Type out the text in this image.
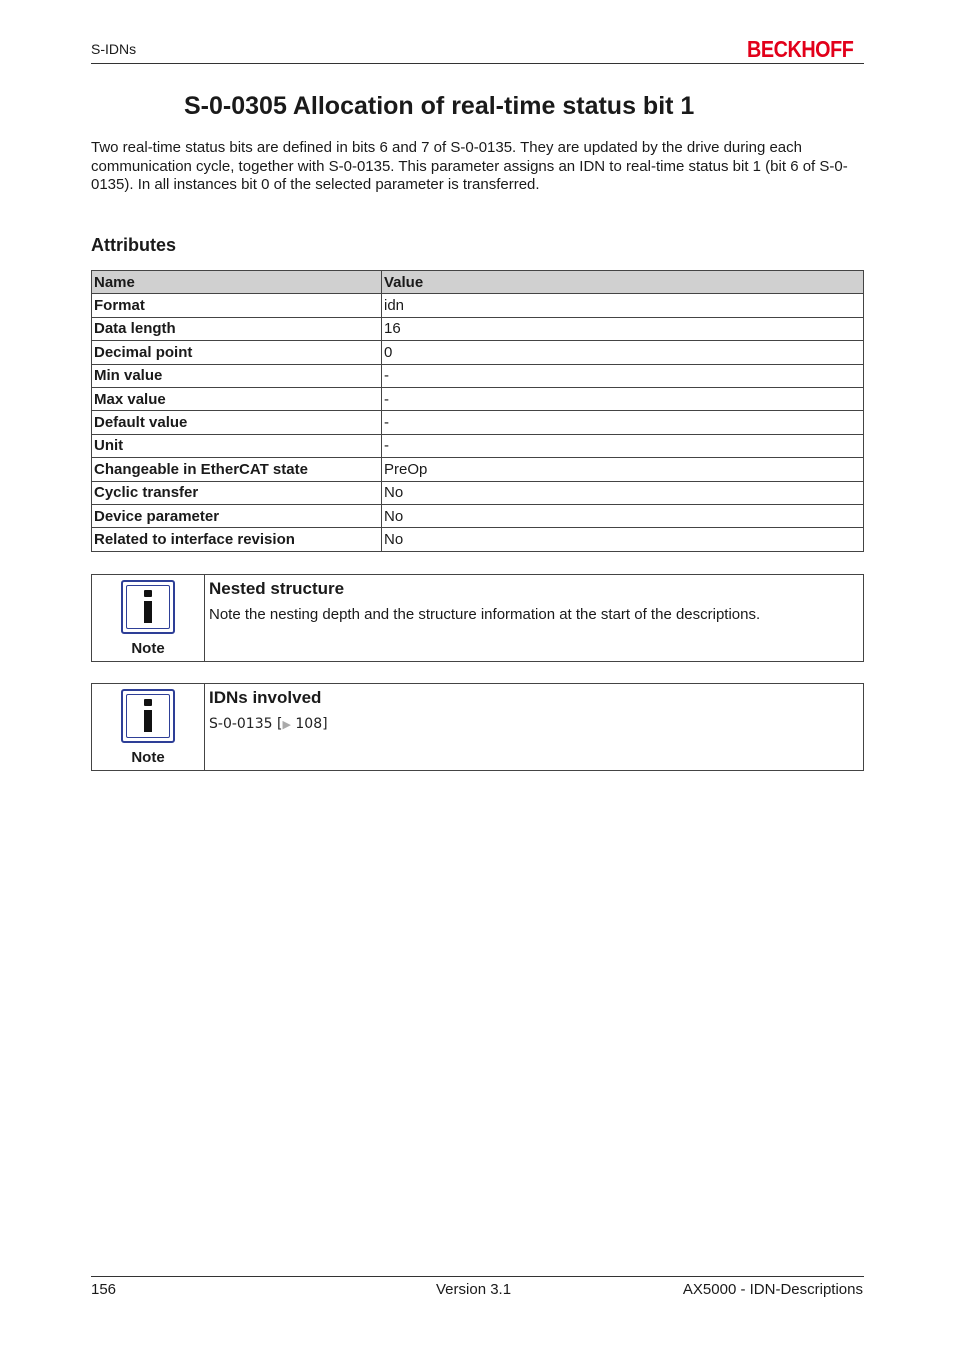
S-IDNs	BECKHOFF
S-0-0305 Allocation of real-time status bit 1

Two real-time status bits are defined in bits 6 and 7 of S-0-0135. They are updated by the drive during each communication cycle, together with S-0-0135. This parameter assigns an IDN to real-time status bit 1 (bit 6 of S-0-0135). In all instances bit 0 of the selected parameter is transferred.

Attributes
Name	Value
Format	idn
Data length	16
Decimal point	0
Min value	-
Max value	-
Default value	-
Unit	-
Changeable in EtherCAT state	PreOp
Cyclic transfer	No
Device parameter	No
Related to interface revision	No
Note

Nested structure

Note the nesting depth and the structure information at the start of the descriptions.

Note

IDNs involved

S-0-0135 [▶ 108]

156	Version 3.1	AX5000 - IDN-Descriptions
